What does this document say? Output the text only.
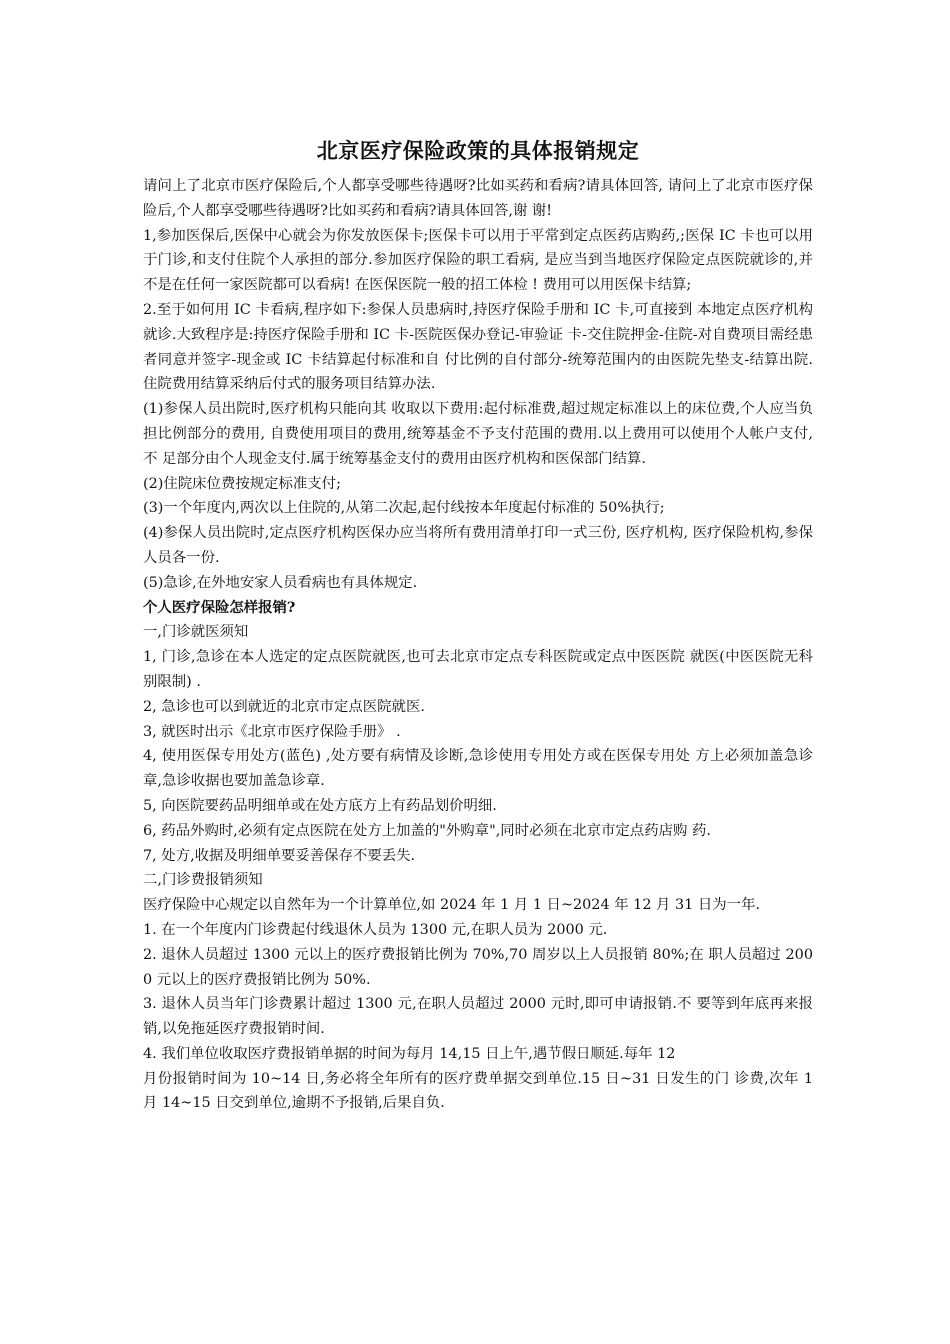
北京医疗保险政策的具体报销规定

请问上了北京市医疗保险后,个人都享受哪些待遇呀?比如买药和看病?请具体回答, 请问上了北京市医疗保险后,个人都享受哪些待遇呀?比如买药和看病?请具体回答,谢 谢!

1,参加医保后,医保中心就会为你发放医保卡;医保卡可以用于平常到定点医药店购药,;医保 IC 卡也可以用于门诊,和支付住院个人承担的部分.参加医疗保险的职工看病, 是应当到当地医疗保险定点医院就诊的,并不是在任何一家医院都可以看病! 在医保医院一般的招工体检 ! 费用可以用医保卡结算;

2.至于如何用 IC 卡看病,程序如下:参保人员患病时,持医疗保险手册和 IC 卡,可直接到 本地定点医疗机构就诊.大致程序是:持医疗保险手册和 IC 卡-医院医保办登记-审验证 卡-交住院押金-住院-对自费项目需经患者同意并签字-现金或 IC 卡结算起付标准和自 付比例的自付部分-统筹范围内的由医院先垫支-结算出院. 住院费用结算采纳后付式的服务项目结算办法.

(1)参保人员出院时,医疗机构只能向其 收取以下费用:起付标准费,超过规定标准以上的床位费,个人应当负担比例部分的费用, 自费使用项目的费用,统筹基金不予支付范围的费用.以上费用可以使用个人帐户支付,不 足部分由个人现金支付.属于统筹基金支付的费用由医疗机构和医保部门结算.

(2)住院床位费按规定标准支付;

(3)一个年度内,两次以上住院的,从第二次起,起付线按本年度起付标准的 50%执行;

(4)参保人员出院时,定点医疗机构医保办应当将所有费用清单打印一式三份, 医疗机构, 医疗保险机构,参保人员各一份.

(5)急诊,在外地安家人员看病也有具体规定.

个人医疗保险怎样报销?

一,门诊就医须知

1, 门诊,急诊在本人选定的定点医院就医,也可去北京市定点专科医院或定点中医医院 就医(中医医院无科别限制) .

2, 急诊也可以到就近的北京市定点医院就医.

3, 就医时出示《北京市医疗保险手册》 .

4, 使用医保专用处方(蓝色) ,处方要有病情及诊断,急诊使用专用处方或在医保专用处 方上必须加盖急诊章,急诊收据也要加盖急诊章.

5, 向医院要药品明细单或在处方底方上有药品划价明细.

6, 药品外购时,必须有定点医院在处方上加盖的"外购章",同时必须在北京市定点药店购 药.

7, 处方,收据及明细单要妥善保存不要丢失.

二,门诊费报销须知

医疗保险中心规定以自然年为一个计算单位,如 2024 年 1 月 1 日~2024 年 12 月 31 日为一年.

1. 在一个年度内门诊费起付线退休人员为 1300 元,在职人员为 2000 元.

2. 退休人员超过 1300 元以上的医疗费报销比例为 70%,70 周岁以上人员报销 80%;在 职人员超过 2000 元以上的医疗费报销比例为 50%.

3. 退休人员当年门诊费累计超过 1300 元,在职人员超过 2000 元时,即可申请报销.不 要等到年底再来报销,以免拖延医疗费报销时间.

4. 我们单位收取医疗费报销单据的时间为每月 14,15 日上午,遇节假日顺延.每年 12

月份报销时间为 10~14 日,务必将全年所有的医疗费单据交到单位.15 日~31 日发生的门 诊费,次年 1 月 14~15 日交到单位,逾期不予报销,后果自负.
